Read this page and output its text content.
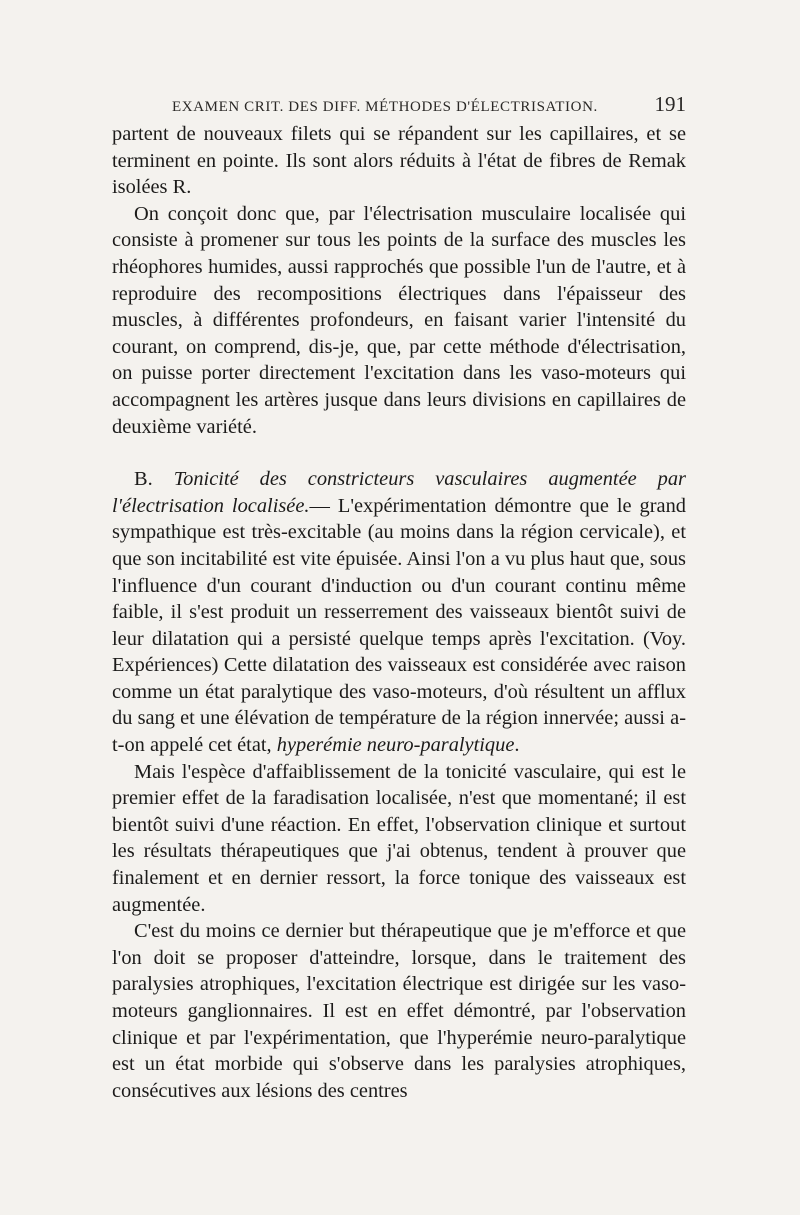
EXAMEN CRIT. DES DIFF. MÉTHODES D'ÉLECTRISATION.	191

partent de nouveaux filets qui se répandent sur les capillaires, et se terminent en pointe. Ils sont alors réduits à l'état de fibres de Remak isolées R.

On conçoit donc que, par l'électrisation musculaire localisée qui consiste à promener sur tous les points de la surface des muscles les rhéophores humides, aussi rapprochés que possible l'un de l'autre, et à reproduire des recompositions électriques dans l'épaisseur des muscles, à différentes profondeurs, en faisant varier l'intensité du courant, on comprend, dis-je, que, par cette méthode d'électrisation, on puisse porter directement l'excitation dans les vaso-moteurs qui accompagnent les artères jusque dans leurs divisions en capillaires de deuxième variété.

B. Tonicité des constricteurs vasculaires augmentée par l'électrisation localisée.— L'expérimentation démontre que le grand sympathique est très-excitable (au moins dans la région cervicale), et que son incitabilité est vite épuisée. Ainsi l'on a vu plus haut que, sous l'influence d'un courant d'induction ou d'un courant continu même faible, il s'est produit un resserrement des vaisseaux bientôt suivi de leur dilatation qui a persisté quelque temps après l'excitation. (Voy. Expériences) Cette dilatation des vaisseaux est considérée avec raison comme un état paralytique des vaso-moteurs, d'où résultent un afflux du sang et une élévation de température de la région innervée; aussi a-t-on appelé cet état, hyperémie neuro-paralytique.

Mais l'espèce d'affaiblissement de la tonicité vasculaire, qui est le premier effet de la faradisation localisée, n'est que momentané; il est bientôt suivi d'une réaction. En effet, l'observation clinique et surtout les résultats thérapeutiques que j'ai obtenus, tendent à prouver que finalement et en dernier ressort, la force tonique des vaisseaux est augmentée.

C'est du moins ce dernier but thérapeutique que je m'efforce et que l'on doit se proposer d'atteindre, lorsque, dans le traitement des paralysies atrophiques, l'excitation électrique est dirigée sur les vaso-moteurs ganglionnaires. Il est en effet démontré, par l'observation clinique et par l'expérimentation, que l'hyperémie neuro-paralytique est un état morbide qui s'observe dans les paralysies atrophiques, consécutives aux lésions des centres
